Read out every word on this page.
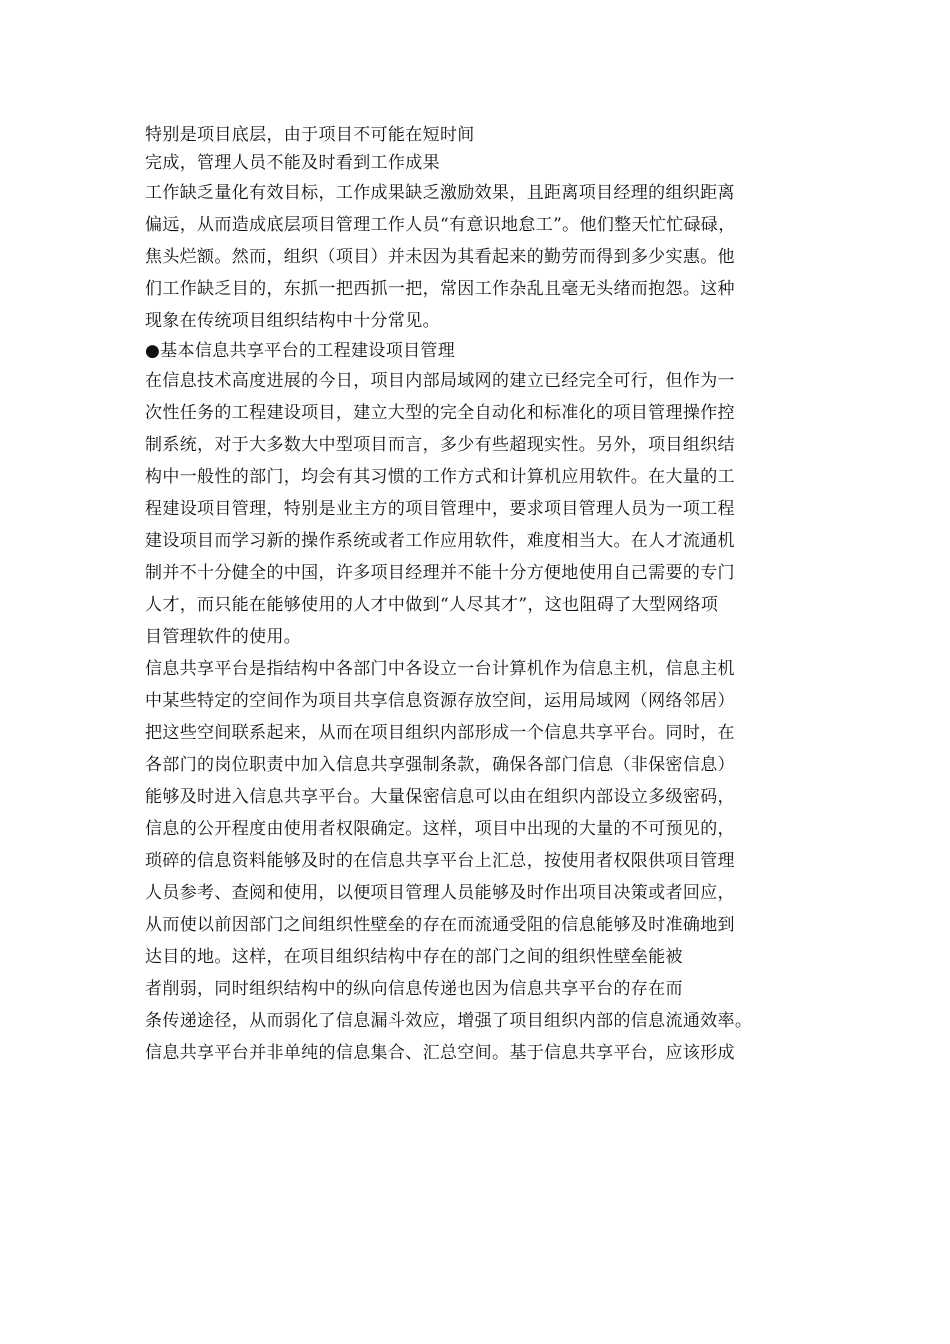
特别是项目底层，由于项目不可能在短时间
完成，管理人员不能及时看到工作成果
工作缺乏量化有效目标，工作成果缺乏激励效果，且距离项目经理的组织距离
偏远，从而造成底层项目管理工作人员“有意识地怠工”。他们整天忙忙碌碌，
焦头烂额。然而，组织（项目）并未因为其看起来的勤劳而得到多少实惠。他
们工作缺乏目的，东抓一把西抓一把，常因工作杂乱且毫无头绪而抱怨。这种
现象在传统项目组织结构中十分常见。
●基本信息共享平台的工程建设项目管理
在信息技术高度进展的今日，项目内部局域网的建立已经完全可行，但作为一
次性任务的工程建设项目，建立大型的完全自动化和标准化的项目管理操作控
制系统，对于大多数大中型项目而言，多少有些超现实性。另外，项目组织结
构中一般性的部门，均会有其习惯的工作方式和计算机应用软件。在大量的工
程建设项目管理，特别是业主方的项目管理中，要求项目管理人员为一项工程
建设项目而学习新的操作系统或者工作应用软件，难度相当大。在人才流通机
制并不十分健全的中国，许多项目经理并不能十分方便地使用自己需要的专门
人才，而只能在能够使用的人才中做到“人尽其才”，这也阻碍了大型网络项
目管理软件的使用。
信息共享平台是指结构中各部门中各设立一台计算机作为信息主机，信息主机
中某些特定的空间作为项目共享信息资源存放空间，运用局域网（网络邻居）
把这些空间联系起来，从而在项目组织内部形成一个信息共享平台。同时，在
各部门的岗位职责中加入信息共享强制条款，确保各部门信息（非保密信息）
能够及时进入信息共享平台。大量保密信息可以由在组织内部设立多级密码，
信息的公开程度由使用者权限确定。这样，项目中出现的大量的不可预见的，
琐碎的信息资料能够及时的在信息共享平台上汇总，按使用者权限供项目管理
人员参考、查阅和使用，以便项目管理人员能够及时作出项目决策或者回应，
从而使以前因部门之间组织性壁垒的存在而流通受阻的信息能够及时准确地到
达目的地。这样，在项目组织结构中存在的部门之间的组织性壁垒能被
者削弱，同时组织结构中的纵向信息传递也因为信息共享平台的存在而
条传递途径，从而弱化了信息漏斗效应，增强了项目组织内部的信息流通效率。
信息共享平台并非单纯的信息集合、汇总空间。基于信息共享平台，应该形成
